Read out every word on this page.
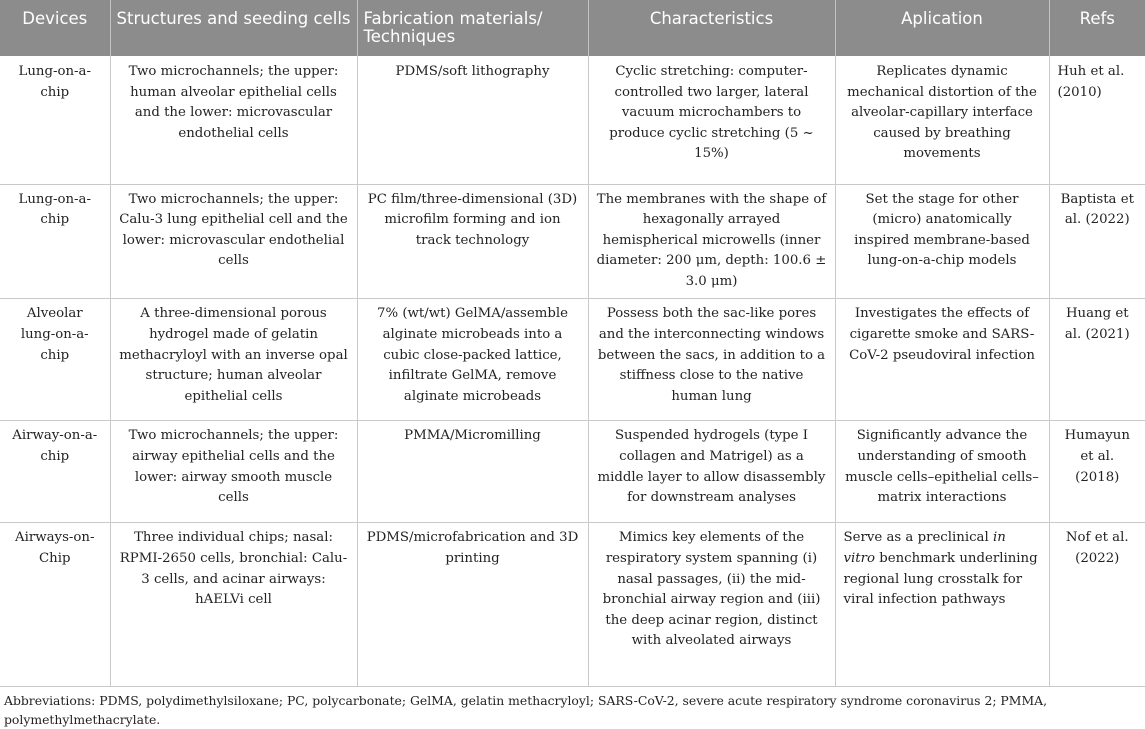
Devices	Structures and seeding cells	Fabrication materials/ Techniques	Characteristics	Aplication	Refs
Lung-on-a-chip	Two microchannels; the upper: human alveolar epithelial cells and the lower: microvascular endothelial cells	PDMS/soft lithography	Cyclic stretching: computer-controlled two larger, lateral vacuum microchambers to produce cyclic stretching (5 ~ 15%)	Replicates dynamic mechanical distortion of the alveolar-capillary interface caused by breathing movements	Huh et al. (2010)
Lung-on-a-chip	Two microchannels; the upper: Calu-3 lung epithelial cell and the lower: microvascular endothelial cells	PC film/three-dimensional (3D) microfilm forming and ion track technology	The membranes with the shape of hexagonally arrayed hemispherical microwells (inner diameter: 200 μm, depth: 100.6 ± 3.0 μm)	Set the stage for other (micro) anatomically inspired membrane-based lung-on-a-chip models	Baptista et al. (2022)
Alveolar lung-on-a-chip	A three-dimensional porous hydrogel made of gelatin methacryloyl with an inverse opal structure; human alveolar epithelial cells	7% (wt/wt) GelMA/assemble alginate microbeads into a cubic close-packed lattice, infiltrate GelMA, remove alginate microbeads	Possess both the sac-like pores and the interconnecting windows between the sacs, in addition to a stiffness close to the native human lung	Investigates the effects of cigarette smoke and SARS-CoV-2 pseudoviral infection	Huang et al. (2021)
Airway-on-a-chip	Two microchannels; the upper: airway epithelial cells and the lower: airway smooth muscle cells	PMMA/Micromilling	Suspended hydrogels (type I collagen and Matrigel) as a middle layer to allow disassembly for downstream analyses	Significantly advance the understanding of smooth muscle cells–epithelial cells–matrix interactions	Humayun et al. (2018)
Airways-on-Chip	Three individual chips; nasal: RPMI-2650 cells, bronchial: Calu-3 cells, and acinar airways: hAELVi cell	PDMS/microfabrication and 3D printing	Mimics key elements of the respiratory system spanning (i) nasal passages, (ii) the mid-bronchial airway region and (iii) the deep acinar region, distinct with alveolated airways	Serve as a preclinical in vitro benchmark underlining regional lung crosstalk for viral infection pathways	Nof et al. (2022)
Abbreviations: PDMS, polydimethylsiloxane; PC, polycarbonate; GelMA, gelatin methacryloyl; SARS-CoV-2, severe acute respiratory syndrome coronavirus 2; PMMA, polymethylmethacrylate.
